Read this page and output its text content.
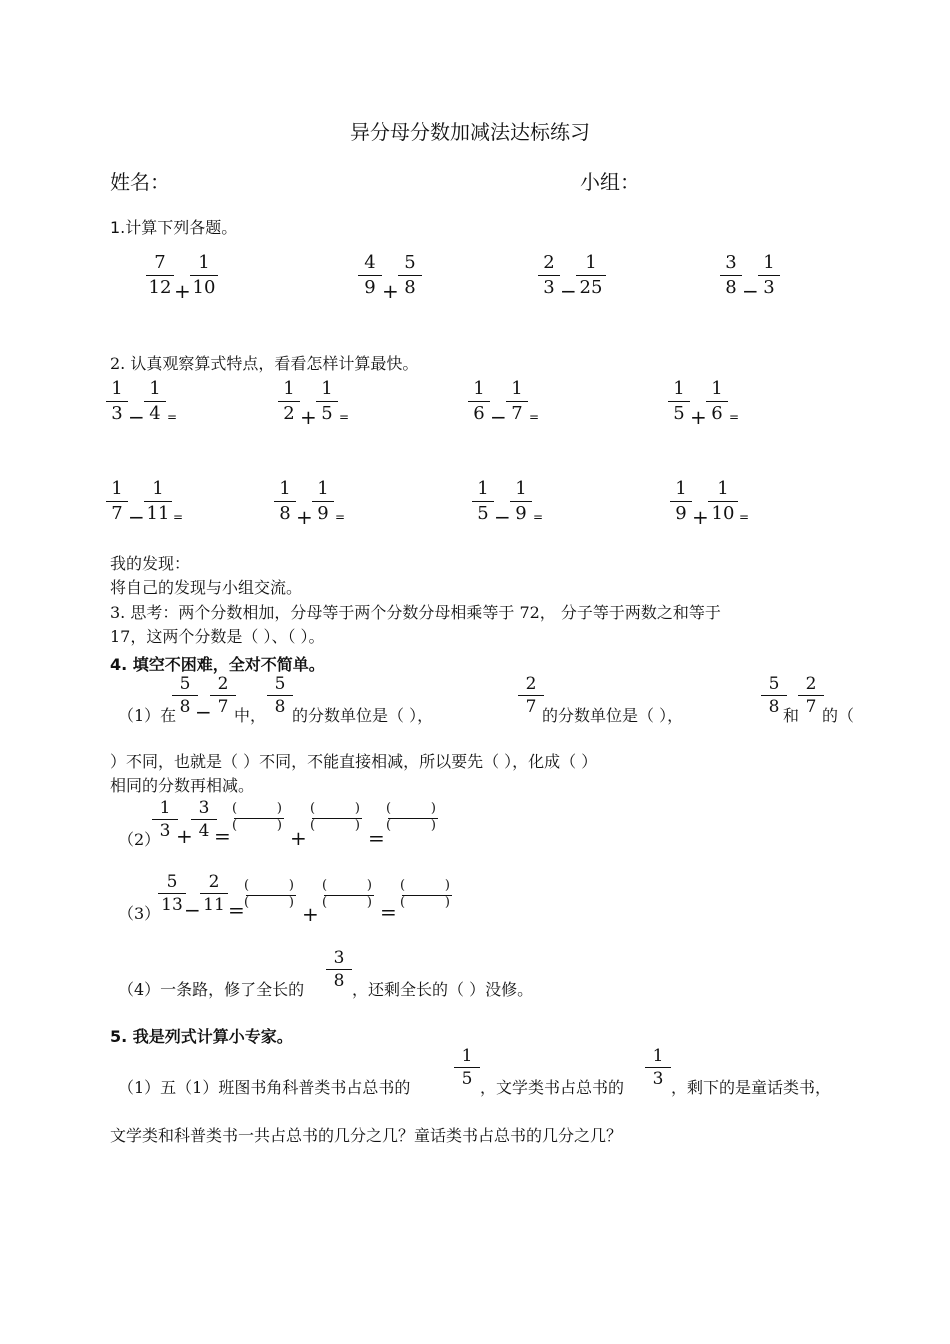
异分母分数加减法达标练习
姓名：	小组：
1.计算下列各题。
7
12 +
1
10
4
9 +
5
8
2
3 −
1
25
3
8 −
1
3
2. 认真观察算式特点，看看怎样计算最快。
1
3 −
1
4 =
1
2 +
1
5 =
1
6 −
1
7 =
1
5 +
1
6 =
1
7 −
1
11 =
1
8 +
1
9 =
1
5 −
1
9 =
1
9 +
1
10 =
我的发现：
将自己的发现与小组交流。
3. 思考：两个分数相加，分母等于两个分数分母相乘等于 72， 分子等于两数之和等于
17，这两个分数是（ ）、（ ）。
4. 填空不困难，全对不简单。
（1）在
5
8 −
2
7 中，
5
8 的分数单位是（ ），
2
7 的分数单位是（ ），
5
8 和
2
7 的（
）不同，也就是（ ）不同，不能直接相减，所以要先（ ），化成（ ）
相同的分数再相减。
（2）
1
3 +
3
4 =
(	)
(	)
+
(	)
(	)
=
(	)
(	)
（3）
5
13 −
2
11 =
(	)
(	) +
(	)
(	) =
(	)
(	)
（4）一条路，修了全长的
3
8 ，还剩全长的（ ）没修。
5. 我是列式计算小专家。
（1）五（1）班图书角科普类书占总书的
1
5 ，文学类书占总书的
1
3 ，剩下的是童话类书，
文学类和科普类书一共占总书的几分之几？童话类书占总书的几分之几？
